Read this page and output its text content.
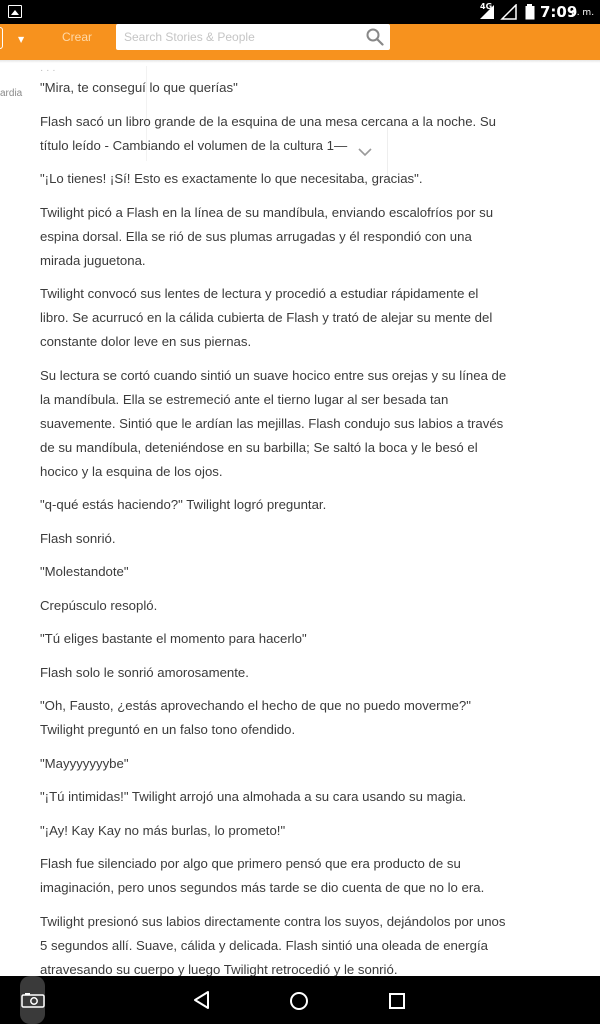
4G	7:09
p. m.
▼	Crear
Search Stories & People
ardia
· · ·

"Mira, te conseguí lo que querías"

Flash sacó un libro grande de la esquina de una mesa cercana a la noche. Su título leído - Cambiando el volumen de la cultura 1—

"¡Lo tienes! ¡Sí! Esto es exactamente lo que necesitaba, gracias".

Twilight picó a Flash en la línea de su mandíbula, enviando escalofríos por su espina dorsal. Ella se rió de sus plumas arrugadas y él respondió con una mirada juguetona.

Twilight convocó sus lentes de lectura y procedió a estudiar rápidamente el libro. Se acurrucó en la cálida cubierta de Flash y trató de alejar su mente del constante dolor leve en sus piernas.

Su lectura se cortó cuando sintió un suave hocico entre sus orejas y su línea de la mandíbula. Ella se estremeció ante el tierno lugar al ser besada tan suavemente. Sintió que le ardían las mejillas. Flash condujo sus labios a través de su mandíbula, deteniéndose en su barbilla; Se saltó la boca y le besó el hocico y la esquina de los ojos.

"q-qué estás haciendo?" Twilight logró preguntar.

Flash sonrió.

"Molestandote"

Crepúsculo resopló.

"Tú eliges bastante el momento para hacerlo"

Flash solo le sonrió amorosamente.

"Oh, Fausto, ¿estás aprovechando el hecho de que no puedo moverme?" Twilight preguntó en un falso tono ofendido.

"Mayyyyyyybe"

"¡Tú intimidas!" Twilight arrojó una almohada a su cara usando su magia.

"¡Ay! Kay Kay no más burlas, lo prometo!"

Flash fue silenciado por algo que primero pensó que era producto de su imaginación, pero unos segundos más tarde se dio cuenta de que no lo era.

Twilight presionó sus labios directamente contra los suyos, dejándolos por unos 5 segundos allí. Suave, cálida y delicada. Flash sintió una oleada de energía atravesando su cuerpo y luego Twilight retrocedió y le sonrió.
